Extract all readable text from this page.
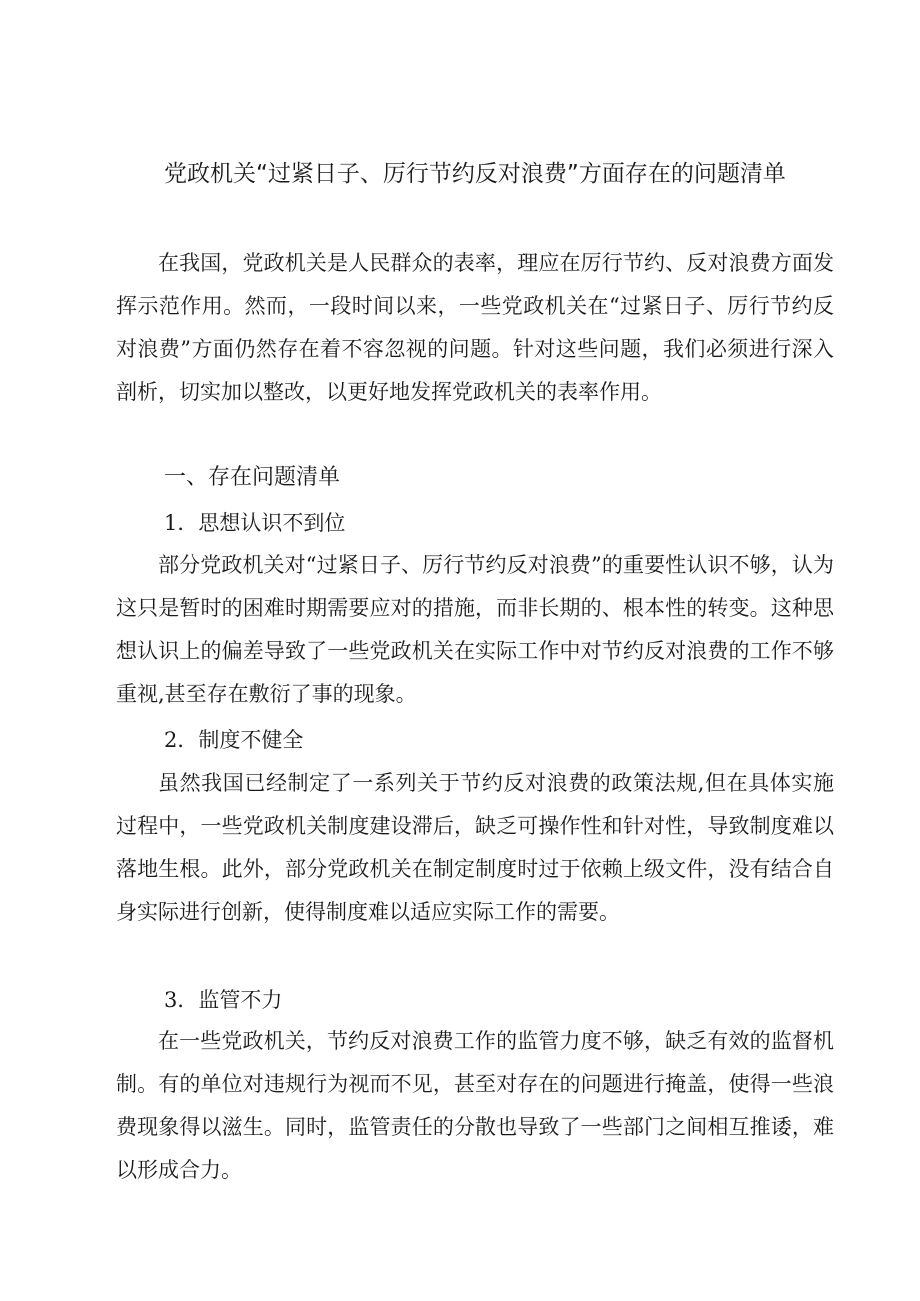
党政机关“过紧日子、厉行节约反对浪费”方面存在的问题清单

在我国，党政机关是人民群众的表率，理应在厉行节约、反对浪费方面发挥示范作用。然而，一段时间以来，一些党政机关在“过紧日子、厉行节约反对浪费”方面仍然存在着不容忽视的问题。针对这些问题，我们必须进行深入剖析，切实加以整改，以更好地发挥党政机关的表率作用。

一、存在问题清单
1．思想认识不到位

部分党政机关对“过紧日子、厉行节约反对浪费”的重要性认识不够，认为这只是暂时的困难时期需要应对的措施，而非长期的、根本性的转变。这种思想认识上的偏差导致了一些党政机关在实际工作中对节约反对浪费的工作不够重视,甚至存在敷衍了事的现象。

2．制度不健全

虽然我国已经制定了一系列关于节约反对浪费的政策法规,但在具体实施过程中，一些党政机关制度建设滞后，缺乏可操作性和针对性，导致制度难以落地生根。此外，部分党政机关在制定制度时过于依赖上级文件，没有结合自身实际进行创新，使得制度难以适应实际工作的需要。

3．监管不力

在一些党政机关，节约反对浪费工作的监管力度不够，缺乏有效的监督机制。有的单位对违规行为视而不见，甚至对存在的问题进行掩盖，使得一些浪费现象得以滋生。同时，监管责任的分散也导致了一些部门之间相互推诿，难以形成合力。
